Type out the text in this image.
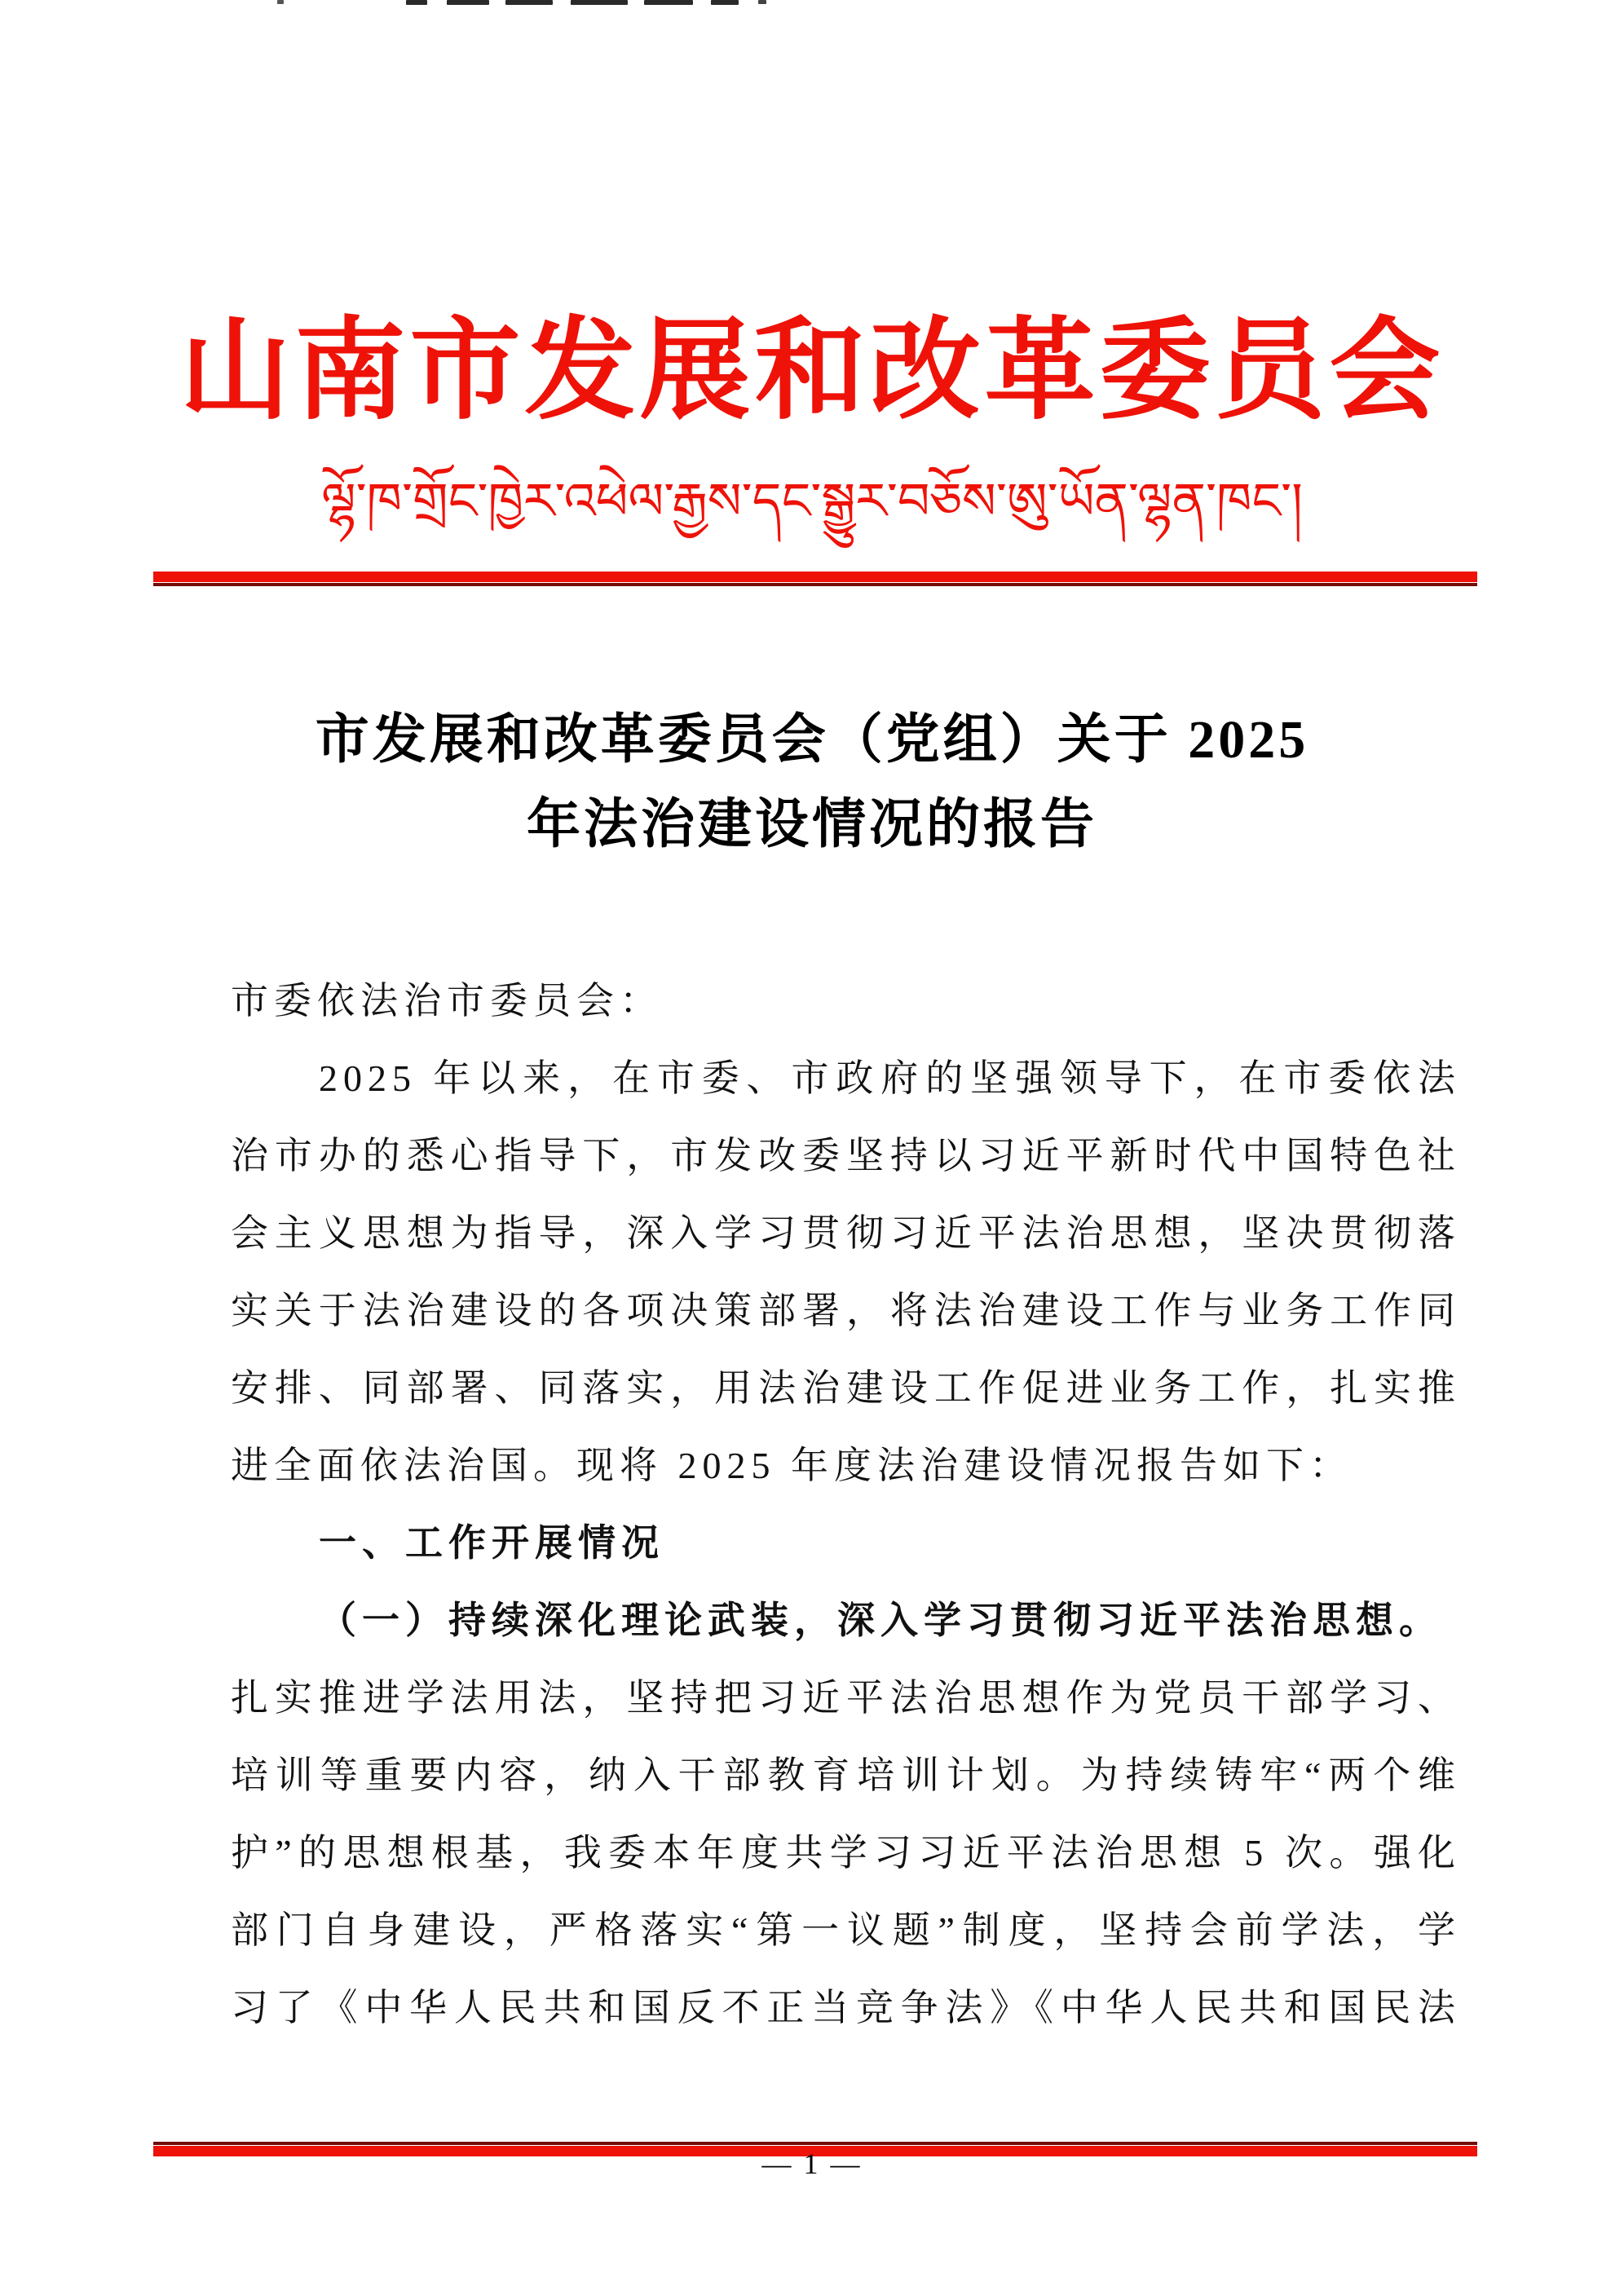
山南市发展和改革委员会
ལྷོ་ཁ་གྲོང་ཁྱེར་འཕེལ་རྒྱས་དང་སྒྱུར་བཅོས་ཨུ་ཡོན་ལྷན་ཁང་།
市发展和改革委员会（党组）关于 2025
年法治建设情况的报告
市委依法治市委员会：
2025 年以来，在市委、市政府的坚强领导下，在市委依法
治市办的悉心指导下，市发改委坚持以习近平新时代中国特色社
会主义思想为指导，深入学习贯彻习近平法治思想，坚决贯彻落
实关于法治建设的各项决策部署，将法治建设工作与业务工作同
安排、同部署、同落实，用法治建设工作促进业务工作，扎实推
进全面依法治国。现将 2025 年度法治建设情况报告如下：
一、工作开展情况
（一）持续深化理论武装，深入学习贯彻习近平法治思想。
扎实推进学法用法，坚持把习近平法治思想作为党员干部学习、
培训等重要内容，纳入干部教育培训计划。为持续铸牢“两个维
护”的思想根基，我委本年度共学习习近平法治思想 5 次。强化
部门自身建设，严格落实“第一议题”制度，坚持会前学法，学
习了《中华人民共和国反不正当竞争法》《中华人民共和国民法
— 1 —
